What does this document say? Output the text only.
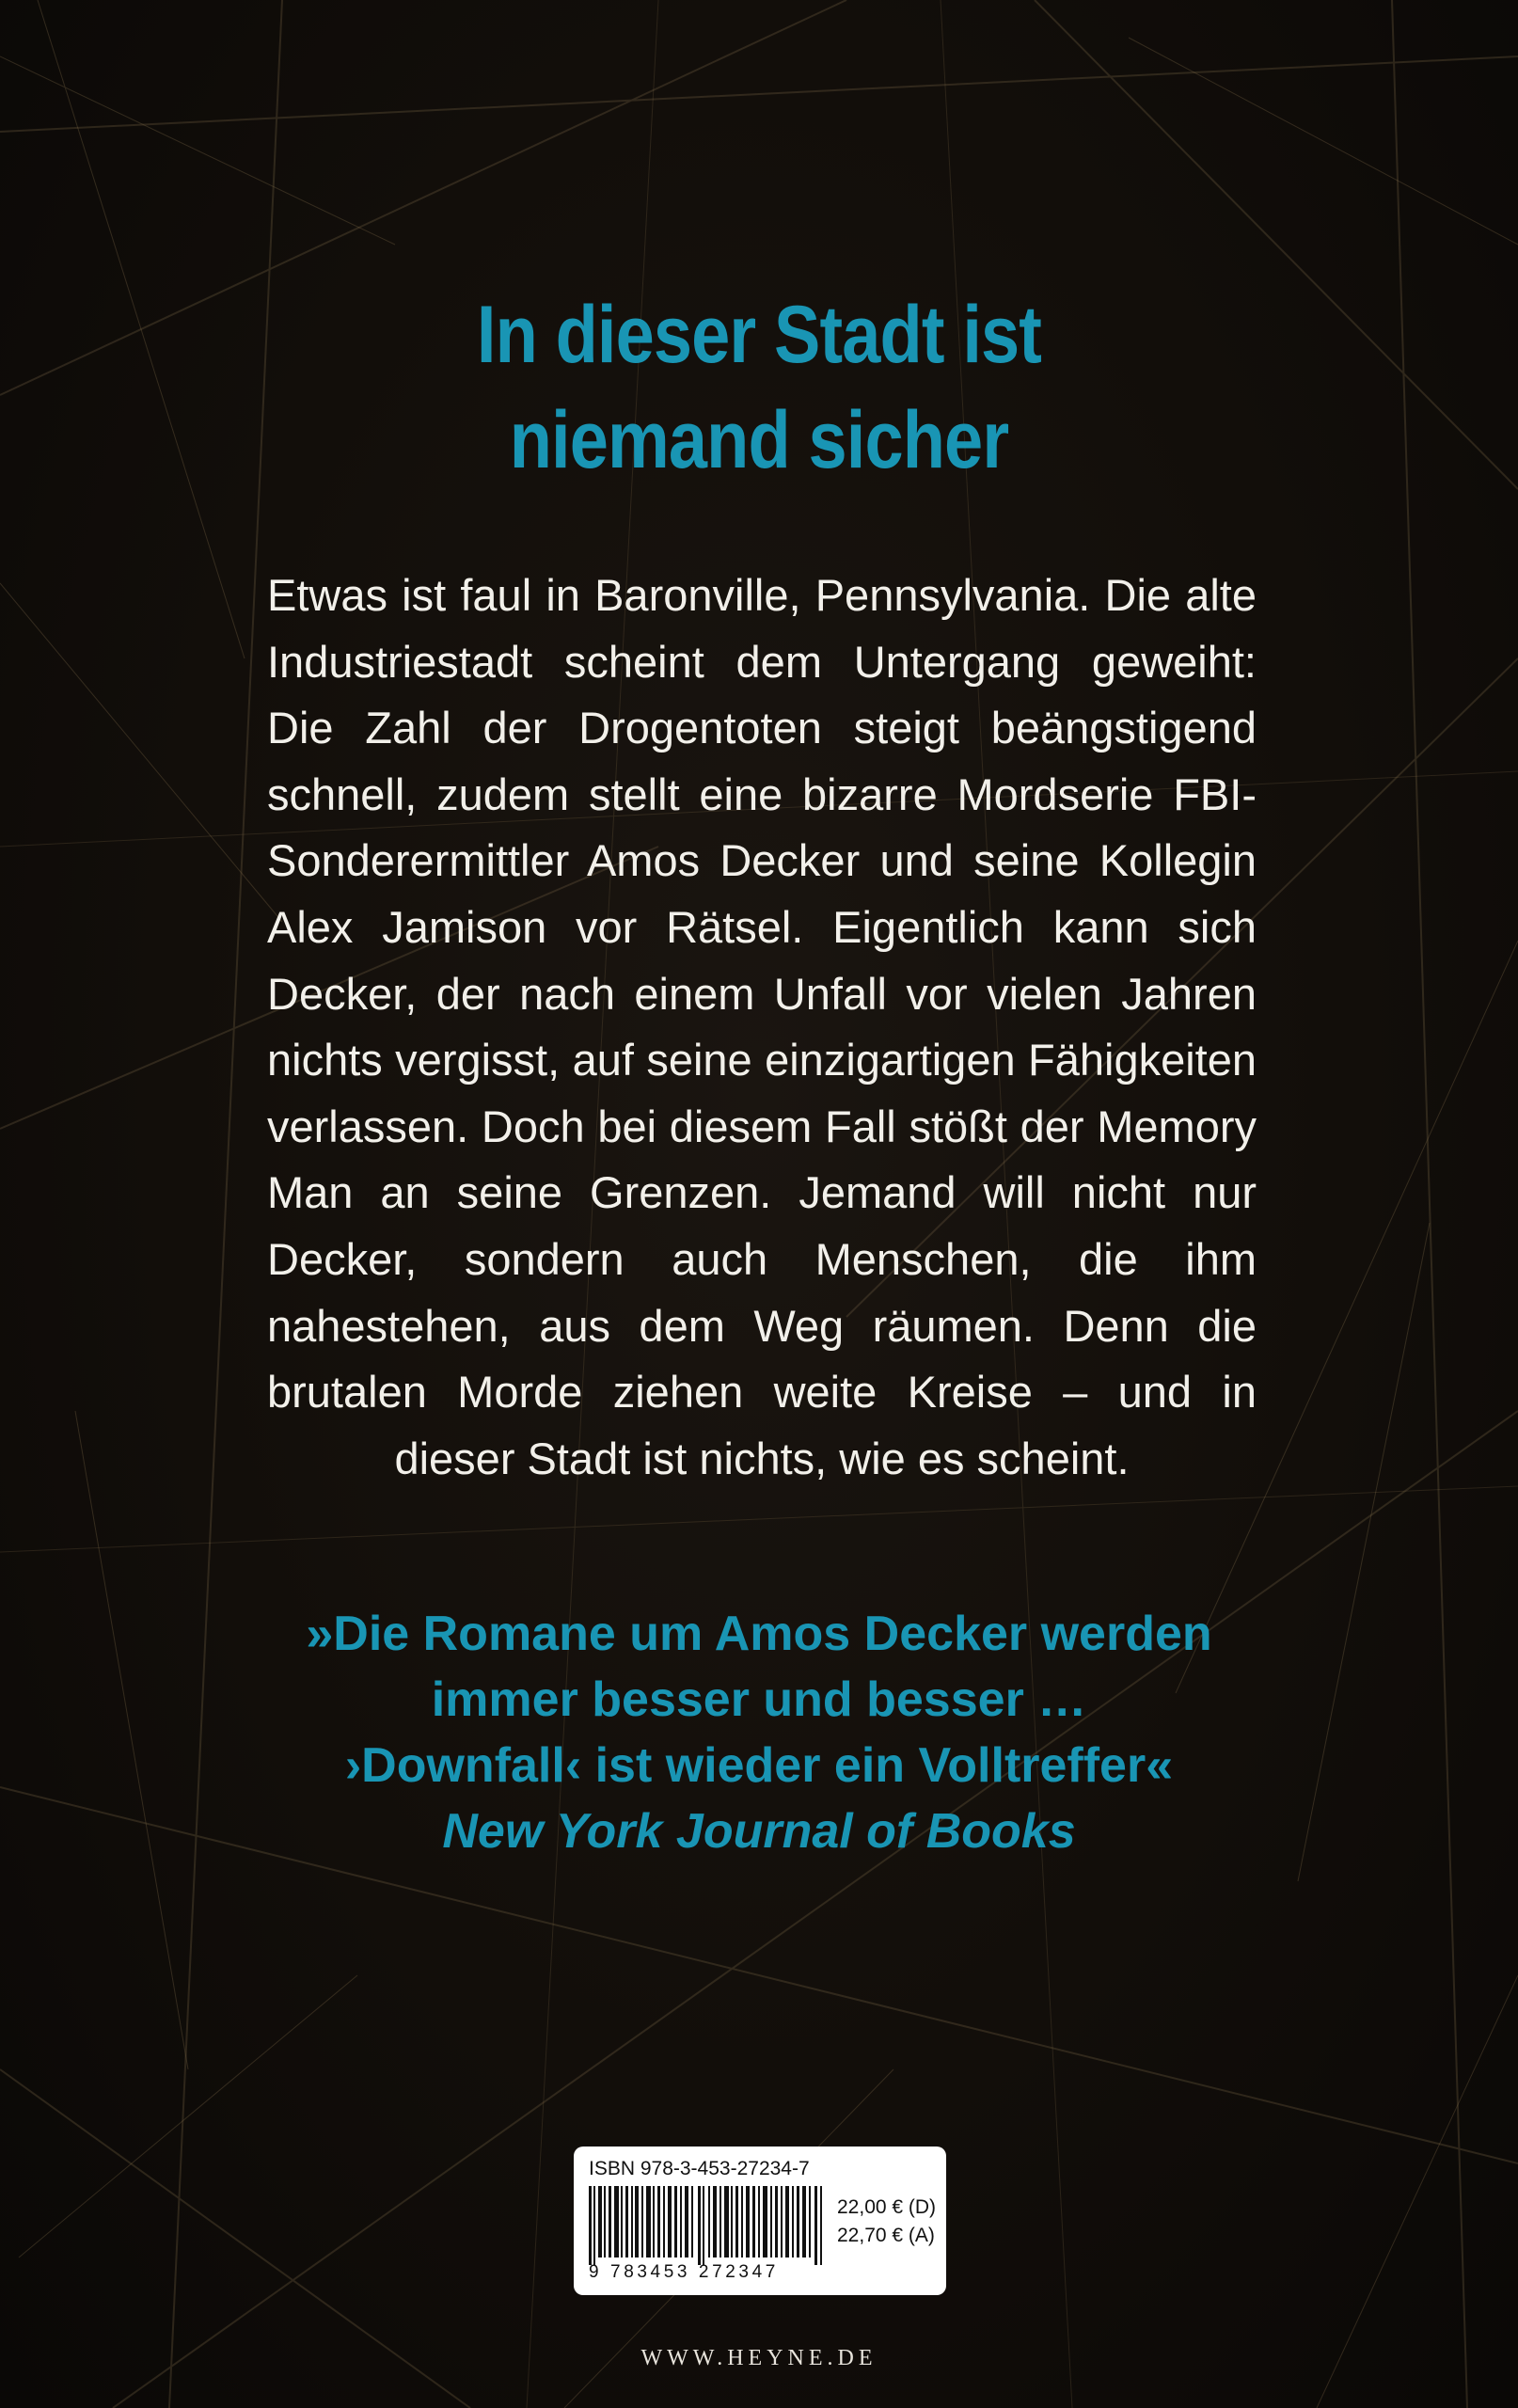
In dieser Stadt ist
niemand sicher
Etwas ist faul in Baronville, Pennsylvania. Die alte Industriestadt scheint dem Untergang geweiht: Die Zahl der Drogentoten steigt beängstigend schnell, zudem stellt eine bizarre Mordserie FBI-Sonderermittler Amos Decker und seine Kollegin Alex Jamison vor Rätsel. Eigentlich kann sich Decker, der nach einem Unfall vor vielen Jahren nichts vergisst, auf seine einzigartigen Fähigkeiten verlassen. Doch bei diesem Fall stößt der Memory Man an seine Grenzen. Jemand will nicht nur Decker, sondern auch Menschen, die ihm nahestehen, aus dem Weg räumen. Denn die brutalen Morde ziehen weite Kreise – und in dieser Stadt ist nichts, wie es scheint.
»Die Romane um Amos Decker werden
immer besser und besser …
›Downfall‹ ist wieder ein Volltreffer«
New York Journal of Books
ISBN 978-3-453-27234-7
9 783453 272347
22,00 € (D)
22,70 € (A)
WWW.HEYNE.DE
